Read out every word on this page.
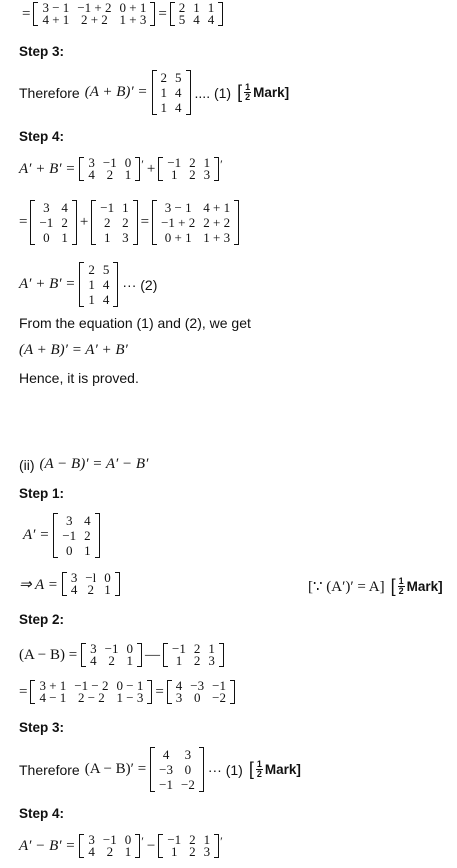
= 3 − 1	−1 + 2	0 + 1
4 + 1	2 + 2	1 + 3 = 2	1	1
5	4	4
Step 3:
Therefore (A + B)′ =
2	5
1	4
1	4
.... (1) [ $\frac{1}{2}$ Mark]
Step 4:
A′ + B′ = 3	−1	0
4	2	1
′ + −1	2	1
1	2	3
′
=
3	4
−1	2
0	1
+
−1	1
2	2
1	3
=
3 − 1	4 + 1
−1 + 2	2 + 2
0 + 1	1 + 3
A′ + B′ =
2	5
1	4
1	4
··· (2)
From the equation (1) and (2), we get
(A + B)′ = A′ + B′
Hence, it is proved.
(ii) (A − B)′ = A′ − B′
Step 1:
A′ =
3	4
−1	2
0	1
⇒ A = 3	−l	0
4	2	1	[∵ (A′)′ = A] [ $\frac{1}{2}$ Mark]
Step 2:
(A − B) = 3	−1	0
4	2	1 — −1	2	1
1	2	3
= 3 + 1	−1 − 2	0 − 1
4 − 1	2 − 2	1 − 3 = 4	−3	−1
3	0	−2
Step 3:
Therefore (A − B)′ =
4	3
−3	0
−1	−2
··· (1) [ $\frac{1}{2}$ Mark]
Step 4:
A′ − B′ = 3	−1	0
4	2	1
′ − −1	2	1
1	2	3
′
